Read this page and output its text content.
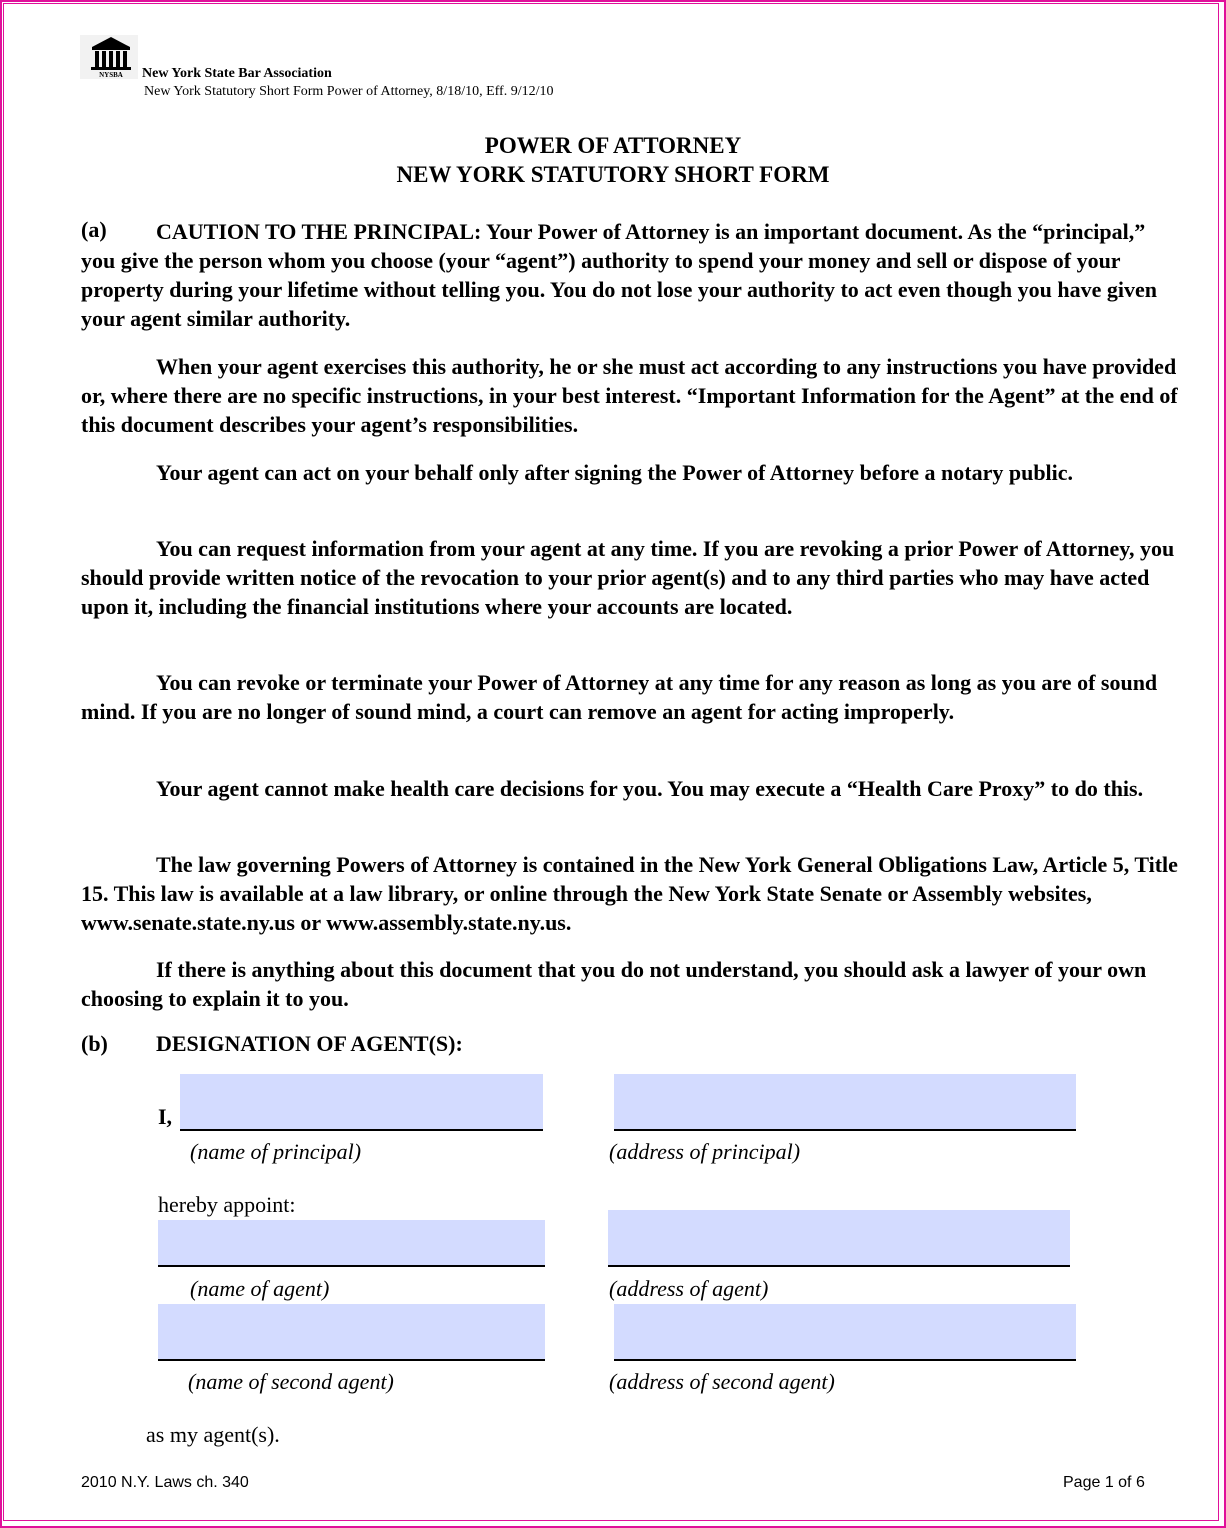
NYSBA New York State Bar Association
New York Statutory Short Form Power of Attorney, 8/18/10, Eff. 9/12/10
POWER OF ATTORNEY
NEW YORK STATUTORY SHORT FORM
(a)	CAUTION TO THE PRINCIPAL: Your Power of Attorney is an important document. As the “principal,” you give the person whom you choose (your “agent”) authority to spend your money and sell or dispose of your property during your lifetime without telling you. You do not lose your authority to act even though you have given your agent similar authority.
When your agent exercises this authority, he or she must act according to any instructions you have provided or, where there are no specific instructions, in your best interest. “Important Information for the Agent” at the end of this document describes your agent’s responsibilities.
Your agent can act on your behalf only after signing the Power of Attorney before a notary public.
You can request information from your agent at any time. If you are revoking a prior Power of Attorney, you should provide written notice of the revocation to your prior agent(s) and to any third parties who may have acted upon it, including the financial institutions where your accounts are located.
You can revoke or terminate your Power of Attorney at any time for any reason as long as you are of sound mind. If you are no longer of sound mind, a court can remove an agent for acting improperly.
Your agent cannot make health care decisions for you. You may execute a “Health Care Proxy” to do this.
The law governing Powers of Attorney is contained in the New York General Obligations Law, Article 5, Title 15. This law is available at a law library, or online through the New York State Senate or Assembly websites, www.senate.state.ny.us or www.assembly.state.ny.us.
If there is anything about this document that you do not understand, you should ask a lawyer of your own choosing to explain it to you.
(b) DESIGNATION OF AGENT(S):
I,
(name of principal)	(address of principal)
hereby appoint:
(name of agent)	(address of agent)
(name of second agent)	(address of second agent)
as my agent(s).
2010 N.Y. Laws ch. 340	Page 1 of 6
